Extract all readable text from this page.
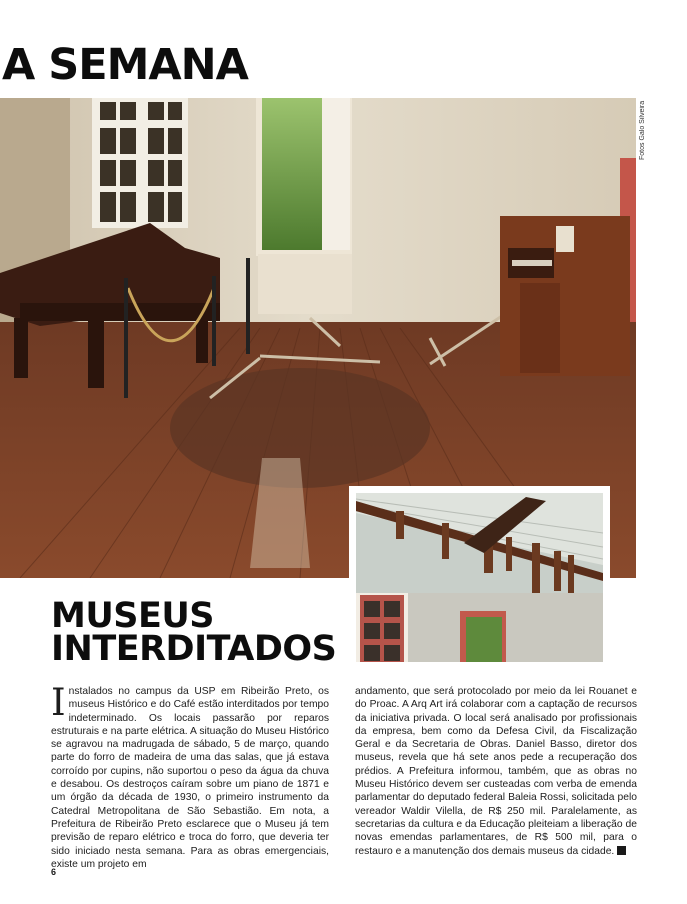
A SEMANA
Fotos Galo Silveira
MUSEUS
INTERDITADOS
Instalados no campus da USP em Ribeirão Preto, os museus Histórico e do Café estão interditados por tempo indeterminado. Os locais passarão por reparos estruturais e na parte elétrica. A situação do Museu Histórico se agravou na madrugada de sábado, 5 de março, quando parte do forro de madeira de uma das salas, que já estava corroído por cupins, não suportou o peso da água da chuva e desabou. Os destroços caíram sobre um piano de 1871 e um órgão da década de 1930, o primeiro instrumento da Catedral Metropolitana de São Sebastião. Em nota, a Prefeitura de Ribeirão Preto esclarece que o Museu já tem previsão de reparo elétrico e troca do forro, que deveria ter sido iniciado nesta semana. Para as obras emergenciais, existe um projeto em
andamento, que será protocolado por meio da lei Rouanet e do Proac. A Arq Art irá colaborar com a captação de recursos da iniciativa privada. O local será analisado por profissionais da empresa, bem como da Defesa Civil, da Fiscalização Geral e da Secretaria de Obras. Daniel Basso, diretor dos museus, revela que há sete anos pede a recuperação dos prédios. A Prefeitura informou, também, que as obras no Museu Histórico devem ser custeadas com verba de emenda parlamentar do deputado federal Baleia Rossi, solicitada pelo vereador Waldir Vilella, de R$ 250 mil. Paralelamente, as secretarias da cultura e da Educação pleiteiam a liberação de novas emendas parlamentares, de R$ 500 mil, para o restauro e a manutenção dos demais museus da cidade.
6
